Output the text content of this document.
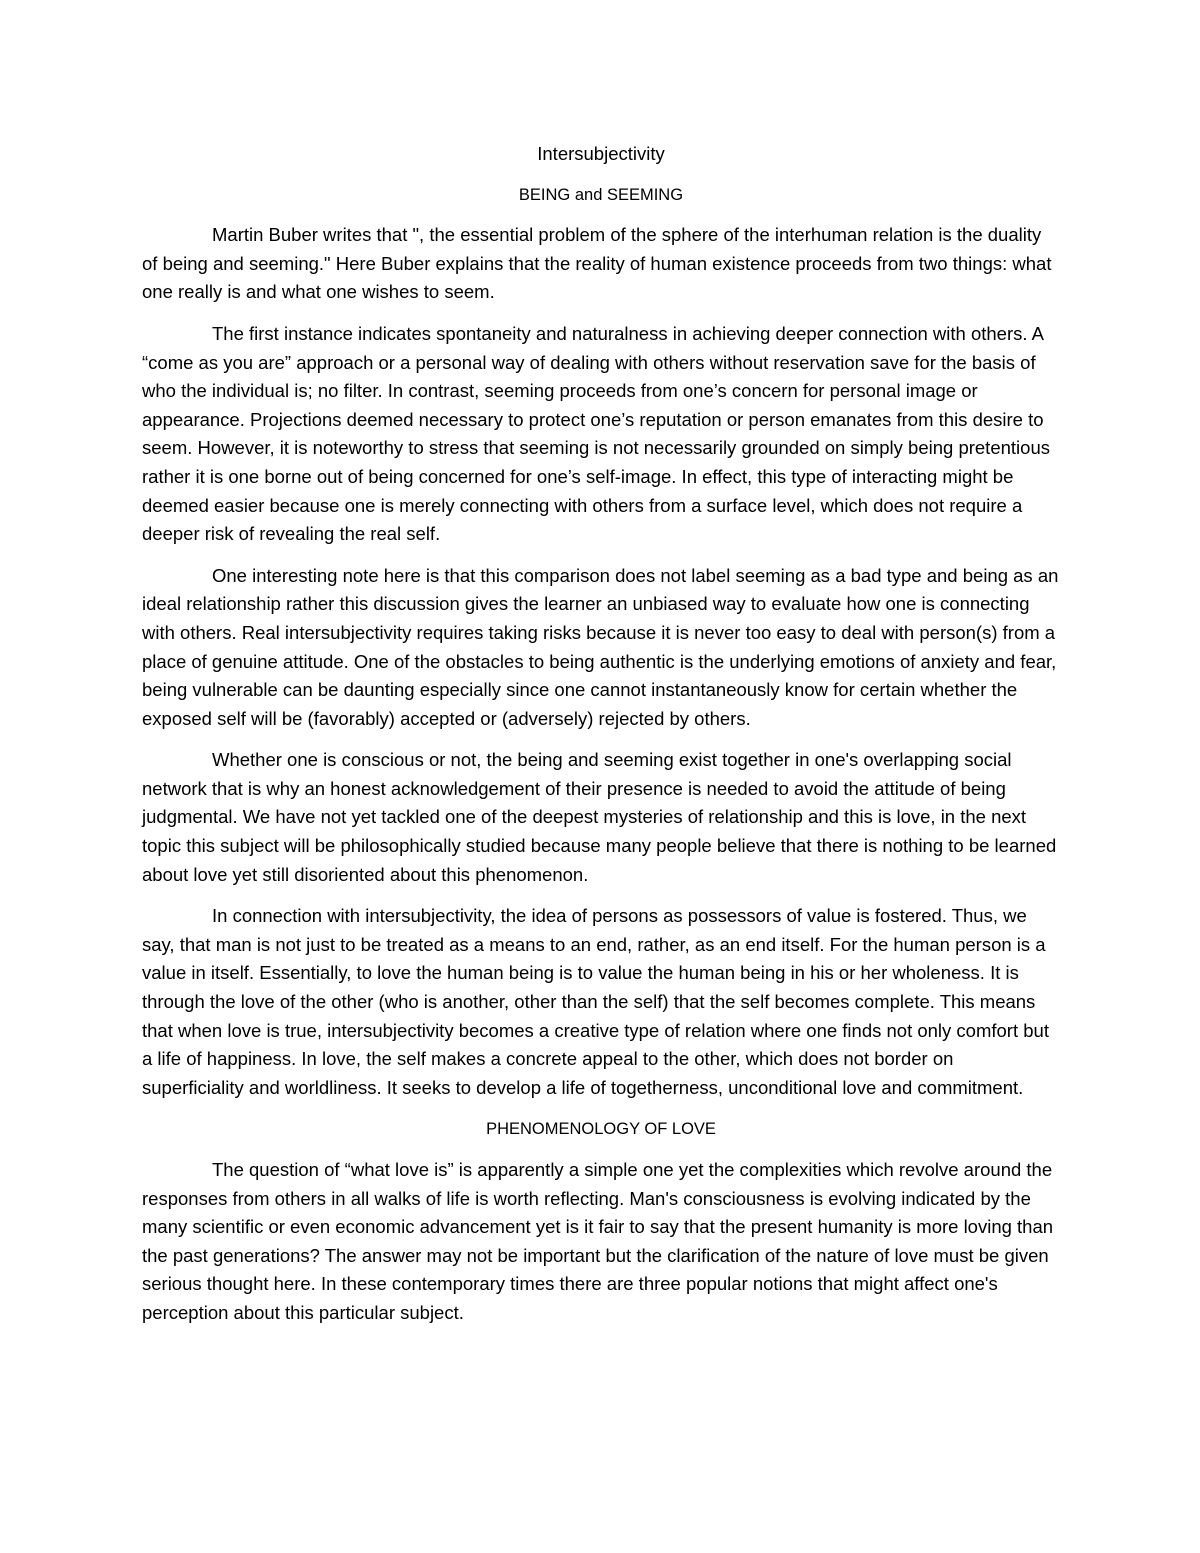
Intersubjectivity
BEING and SEEMING

Martin Buber writes that ", the essential problem of the sphere of the interhuman relation is the duality of being and seeming." Here Buber explains that the reality of human existence proceeds from two things: what one really is and what one wishes to seem.

The first instance indicates spontaneity and naturalness in achieving deeper connection with others. A “come as you are” approach or a personal way of dealing with others without reservation save for the basis of who the individual is; no filter. In contrast, seeming proceeds from one’s concern for personal image or appearance. Projections deemed necessary to protect one’s reputation or person emanates from this desire to seem. However, it is noteworthy to stress that seeming is not necessarily grounded on simply being pretentious rather it is one borne out of being concerned for one’s self-image. In effect, this type of interacting might be deemed easier because one is merely connecting with others from a surface level, which does not require a deeper risk of revealing the real self.

One interesting note here is that this comparison does not label seeming as a bad type and being as an ideal relationship rather this discussion gives the learner an unbiased way to evaluate how one is connecting with others. Real intersubjectivity requires taking risks because it is never too easy to deal with person(s) from a place of genuine attitude. One of the obstacles to being authentic is the underlying emotions of anxiety and fear, being vulnerable can be daunting especially since one cannot instantaneously know for certain whether the exposed self will be (favorably) accepted or (adversely) rejected by others.

Whether one is conscious or not, the being and seeming exist together in one's overlapping social network that is why an honest acknowledgement of their presence is needed to avoid the attitude of being judgmental. We have not yet tackled one of the deepest mysteries of relationship and this is love, in the next topic this subject will be philosophically studied because many people believe that there is nothing to be learned about love yet still disoriented about this phenomenon.

In connection with intersubjectivity, the idea of persons as possessors of value is fostered. Thus, we say, that man is not just to be treated as a means to an end, rather, as an end itself. For the human person is a value in itself. Essentially, to love the human being is to value the human being in his or her wholeness. It is through the love of the other (who is another, other than the self) that the self becomes complete. This means that when love is true, intersubjectivity becomes a creative type of relation where one finds not only comfort but a life of happiness. In love, the self makes a concrete appeal to the other, which does not border on superficiality and worldliness. It seeks to develop a life of togetherness, unconditional love and commitment.

PHENOMENOLOGY OF LOVE

The question of “what love is” is apparently a simple one yet the complexities which revolve around the responses from others in all walks of life is worth reflecting. Man's consciousness is evolving indicated by the many scientific or even economic advancement yet is it fair to say that the present humanity is more loving than the past generations? The answer may not be important but the clarification of the nature of love must be given serious thought here. In these contemporary times there are three popular notions that might affect one's perception about this particular subject.
